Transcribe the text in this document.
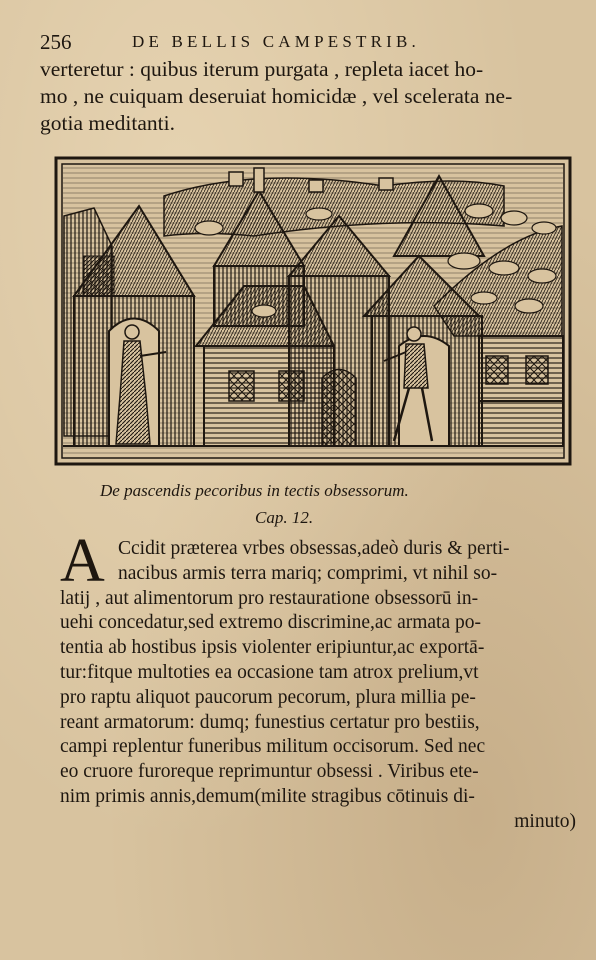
256	DE BELLIS CAMPESTRIB.
verteretur : quibus iterum purgata , repleta iacet ho-
mo , ne cuiquam deseruiat homicidæ , vel scelerata ne-
gotia meditanti.
De pascendis pecoribus in tectis obsessorum.
Cap. 12.
A Ccidit præterea vrbes obsessas,adeò duris & perti-
nacibus armis terra mariq; comprimi, vt nihil so-
latij , aut alimentorum pro restauratione obsessorū in-
uehi concedatur,sed extremo discrimine,ac armata po-
tentia ab hostibus ipsis violenter eripiuntur,ac exportā-
tur:fitque multoties ea occasione tam atrox prelium,vt
pro raptu aliquot paucorum pecorum, plura millia pe-
reant armatorum: dumq; funestius certatur pro bestiis,
campi replentur funeribus militum occisorum. Sed nec
eo cruore furoreque reprimuntur obsessi . Viribus ete-
nim primis annis,demum(milite stragibus cōtinuis di-
minuto)
